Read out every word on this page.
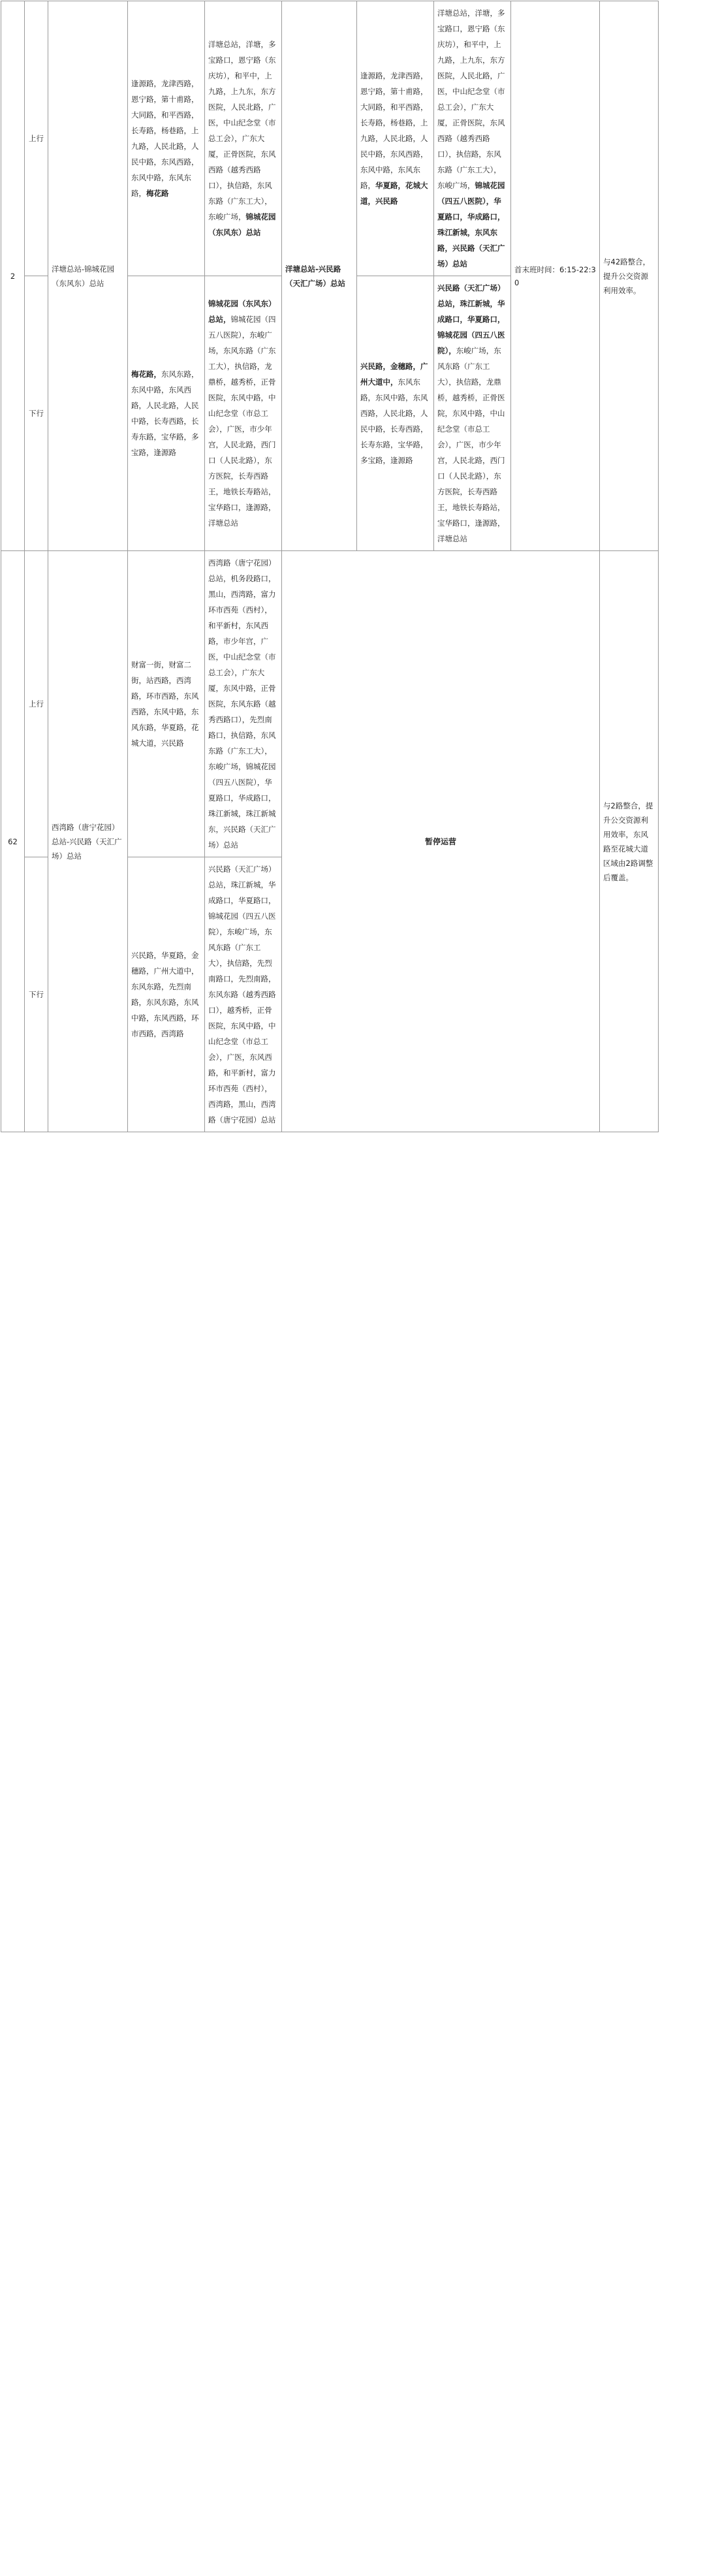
2	上行	洋塘总站-锦城花园（东风东）总站	逢源路，龙津西路，恩宁路，第十甫路，大同路，和平西路，长寿路，杨巷路，上九路，人民北路，人民中路，东风西路，东风中路，东风东路，梅花路	洋塘总站，洋塘，多宝路口，恩宁路（东庆坊），和平中，上九路，上九东，东方医院，人民北路，广医，中山纪念堂（市总工会），广东大厦，正骨医院，东风西路（越秀西路口），执信路，东风东路（广东工大），东峻广场，锦城花园（东风东）总站	洋塘总站-兴民路（天汇广场）总站	逢源路，龙津西路，恩宁路，第十甫路，大同路，和平西路，长寿路，杨巷路，上九路，人民北路，人民中路，东风西路，东风中路，东风东路，华夏路，花城大道，兴民路	洋塘总站，洋塘，多宝路口，恩宁路（东庆坊），和平中，上九路，上九东，东方医院，人民北路，广医，中山纪念堂（市总工会），广东大厦，正骨医院，东风西路（越秀西路口），执信路，东风东路（广东工大），东峻广场，锦城花园（四五八医院），华夏路口，华成路口，珠江新城，东风东路，兴民路（天汇广场）总站	首末班时间：6:15-22:30	与42路整合，提升公交资源利用效率。
	下行		梅花路，东风东路，东风中路，东风西路，人民北路，人民中路，长寿西路，长寿东路，宝华路，多宝路，逢源路	锦城花园（东风东）总站，锦城花园（四五八医院），东峻广场，东风东路（广东工大），执信路，龙鼎桥，越秀桥，正骨医院，东风中路，中山纪念堂（市总工会），广医，市少年宫，人民北路，西门口（人民北路），东方医院，长寿西路王，地铁长寿路站，宝华路口，逢源路，洋塘总站		兴民路，金穗路，广州大道中，东风东路，东风中路，东风西路，人民北路，人民中路，长寿西路，长寿东路，宝华路，多宝路，逢源路	兴民路（天汇广场）总站，珠江新城，华成路口，华夏路口，锦城花园（四五八医院），东峻广场，东风东路（广东工大），执信路，龙鼎桥，越秀桥，正骨医院，东风中路，中山纪念堂（市总工会），广医，市少年宫，人民北路，西门口（人民北路），东方医院，长寿西路王，地铁长寿路站，宝华路口，逢源路，洋塘总站		
62	上行	西湾路（唐宁花园）总站-兴民路（天汇广场）总站	财富一街，财富二街，站西路，西湾路，环市西路，东风西路，东风中路，东风东路，华夏路，花城大道，兴民路	西湾路（唐宁花园）总站，机务段路口，黑山，西湾路，富力环市西苑（西村），和平新村，东风西路，市少年宫，广医，中山纪念堂（市总工会），广东大厦，东风中路，正骨医院，东风东路（越秀西路口），先烈南路口，执信路，东风东路（广东工大），东峻广场，锦城花园（四五八医院），华夏路口，华成路口，珠江新城，珠江新城东，兴民路（天汇广场）总站	暂停运营				与2路整合，提升公交资源利用效率，东风路至花城大道区域由2路调整后覆盖。
	下行		兴民路，华夏路，金穗路，广州大道中，东风东路，先烈南路，东风东路，东风中路，东风西路，环市西路，西湾路	兴民路（天汇广场）总站，珠江新城，华成路口，华夏路口，锦城花园（四五八医院），东峻广场，东风东路（广东工大），执信路，先烈南路口，先烈南路，东风东路（越秀西路口），越秀桥，正骨医院，东风中路，中山纪念堂（市总工会），广医，东风西路，和平新村，富力环市西苑（西村），西湾路，黑山，西湾路（唐宁花园）总站					
